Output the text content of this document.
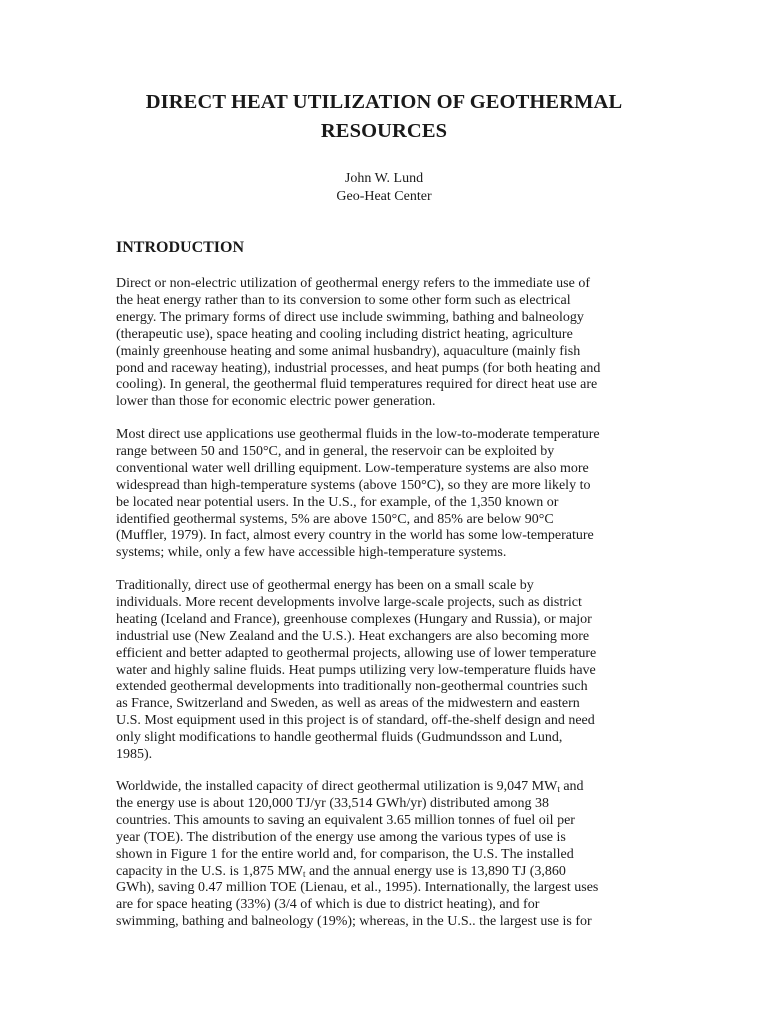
DIRECT HEAT UTILIZATION OF GEOTHERMAL
RESOURCES
John W. Lund
Geo-Heat Center
INTRODUCTION
Direct or non-electric utilization of geothermal energy refers to the immediate use of
the heat energy rather than to its conversion to some other form such as electrical
energy. The primary forms of direct use include swimming, bathing and balneology
(therapeutic use), space heating and cooling including district heating, agriculture
(mainly greenhouse heating and some animal husbandry), aquaculture (mainly fish
pond and raceway heating), industrial processes, and heat pumps (for both heating and
cooling). In general, the geothermal fluid temperatures required for direct heat use are
lower than those for economic electric power generation.
Most direct use applications use geothermal fluids in the low-to-moderate temperature
range between 50 and 150°C, and in general, the reservoir can be exploited by
conventional water well drilling equipment. Low-temperature systems are also more
widespread than high-temperature systems (above 150°C), so they are more likely to
be located near potential users. In the U.S., for example, of the 1,350 known or
identified geothermal systems, 5% are above 150°C, and 85% are below 90°C
(Muffler, 1979). In fact, almost every country in the world has some low-temperature
systems; while, only a few have accessible high-temperature systems.
Traditionally, direct use of geothermal energy has been on a small scale by
individuals. More recent developments involve large-scale projects, such as district
heating (Iceland and France), greenhouse complexes (Hungary and Russia), or major
industrial use (New Zealand and the U.S.). Heat exchangers are also becoming more
efficient and better adapted to geothermal projects, allowing use of lower temperature
water and highly saline fluids. Heat pumps utilizing very low-temperature fluids have
extended geothermal developments into traditionally non-geothermal countries such
as France, Switzerland and Sweden, as well as areas of the midwestern and eastern
U.S. Most equipment used in this project is of standard, off-the-shelf design and need
only slight modifications to handle geothermal fluids (Gudmundsson and Lund,
1985).
Worldwide, the installed capacity of direct geothermal utilization is 9,047 $MW_t$ and
the energy use is about 120,000 TJ/yr (33,514 GWh/yr) distributed among 38
countries. This amounts to saving an equivalent 3.65 million tonnes of fuel oil per
year (TOE). The distribution of the energy use among the various types of use is
shown in Figure 1 for the entire world and, for comparison, the U.S. The installed
capacity in the U.S. is 1,875 $MW_t$ and the annual energy use is 13,890 TJ (3,860
GWh), saving 0.47 million TOE (Lienau, et al., 1995). Internationally, the largest uses
are for space heating (33%) (3/4 of which is due to district heating), and for
swimming, bathing and balneology (19%); whereas, in the U.S.. the largest use is for
